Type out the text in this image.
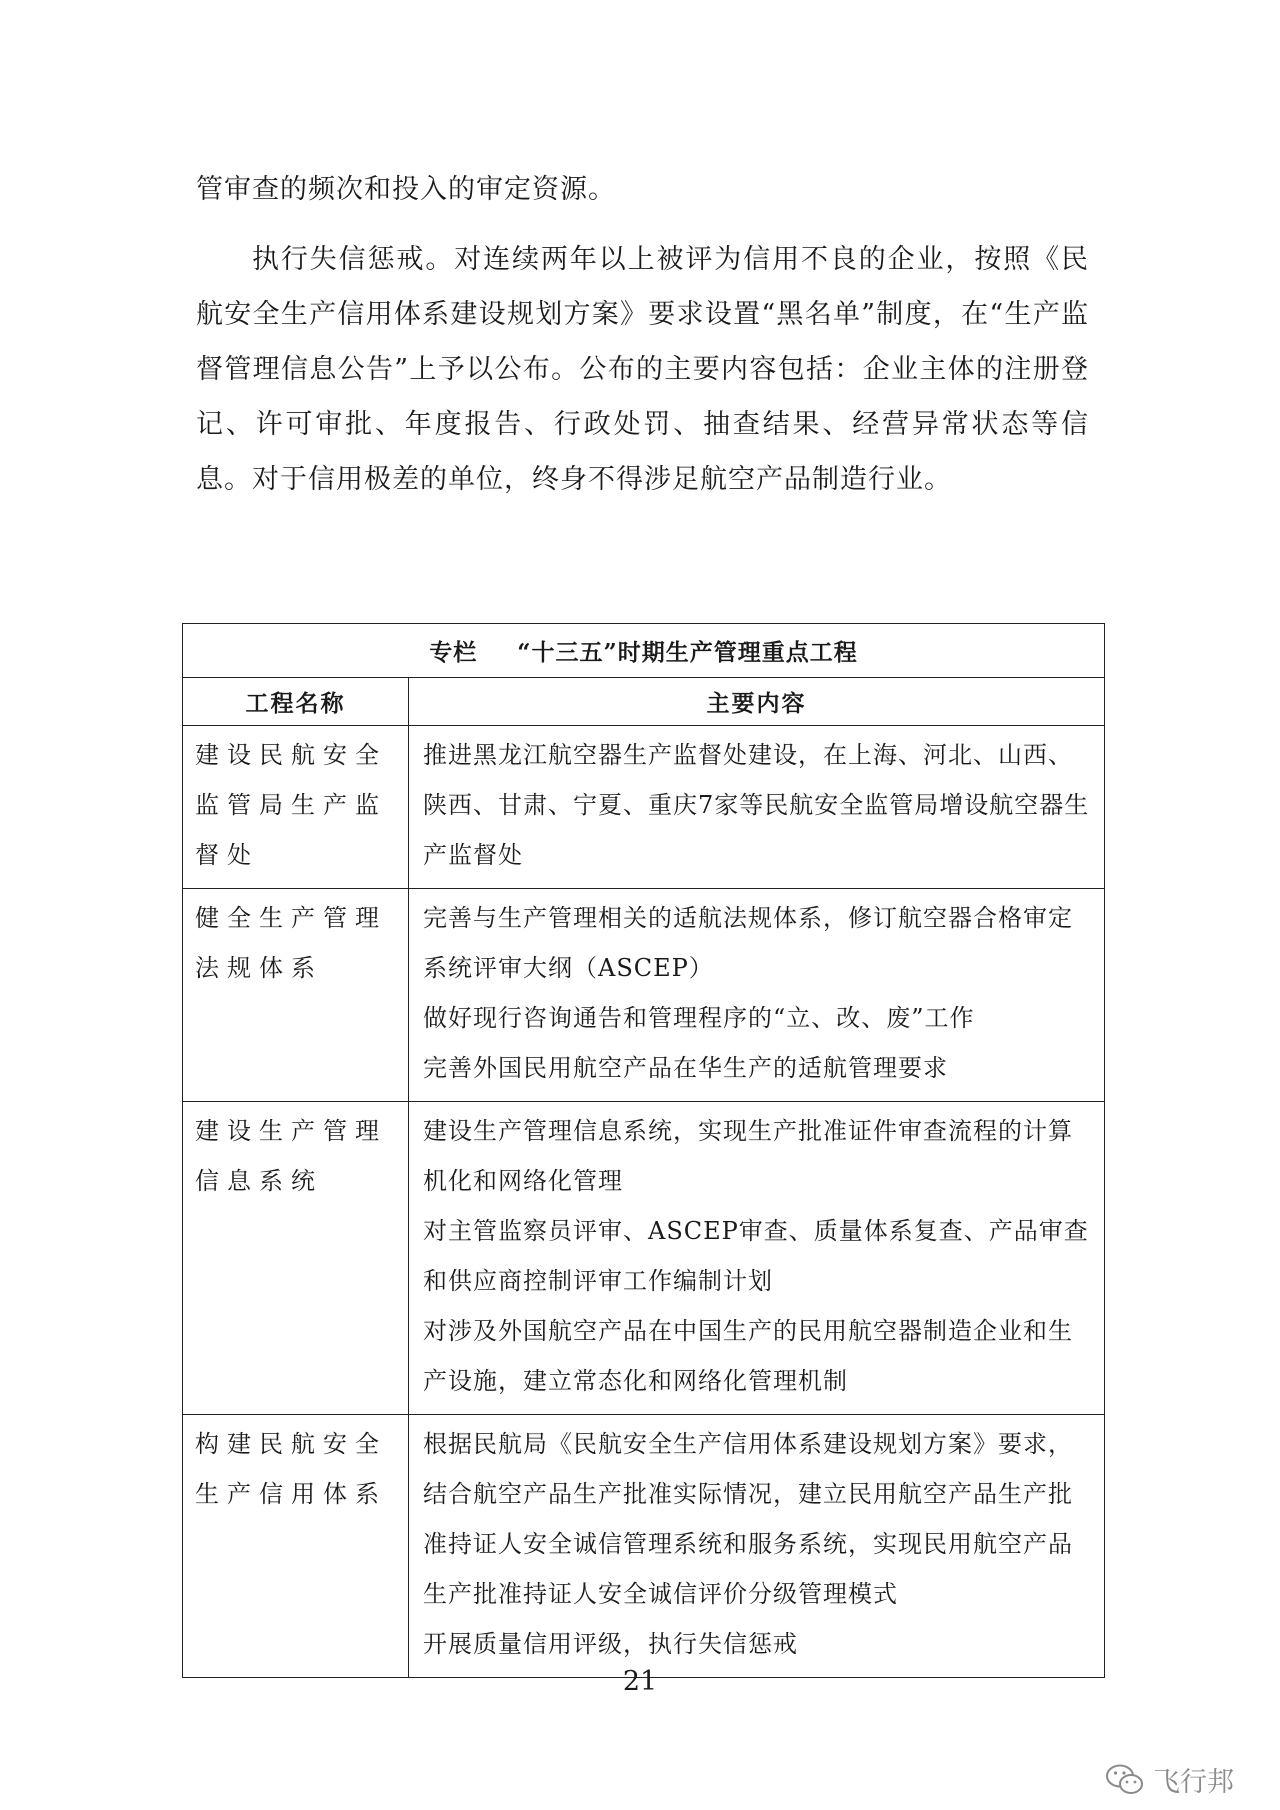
管审查的频次和投入的审定资源。

执行失信惩戒。对连续两年以上被评为信用不良的企业，按照《民航安全生产信用体系建设规划方案》要求设置“黑名单”制度，在“生产监督管理信息公告”上予以公布。公布的主要内容包括：企业主体的注册登记、许可审批、年度报告、行政处罚、抽查结果、经营异常状态等信息。对于信用极差的单位，终身不得涉足航空产品制造行业。

专栏 “十三五”时期生产管理重点工程	
工程名称	主要内容
建设民航安全监管局生产监督处	推进黑龙江航空器生产监督处建设，在上海、河北、山西、陕西、甘肃、宁夏、重庆7家等民航安全监管局增设航空器生产监督处

健全生产管理法规体系	完善与生产管理相关的适航法规体系，修订航空器合格审定系统评审大纲（ASCEP）
做好现行咨询通告和管理程序的“立、改、废”工作
完善外国民用航空产品在华生产的适航管理要求

建设生产管理信息系统	建设生产管理信息系统，实现生产批准证件审查流程的计算机化和网络化管理
对主管监察员评审、ASCEP审查、质量体系复查、产品审查和供应商控制评审工作编制计划
对涉及外国航空产品在中国生产的民用航空器制造企业和生产设施，建立常态化和网络化管理机制

构建民航安全生产信用体系	根据民航局《民航安全生产信用体系建设规划方案》要求，结合航空产品生产批准实际情况，建立民用航空产品生产批准持证人安全诚信管理系统和服务系统，实现民用航空产品生产批准持证人安全诚信评价分级管理模式
开展质量信用评级，执行失信惩戒
21
飞行邦
